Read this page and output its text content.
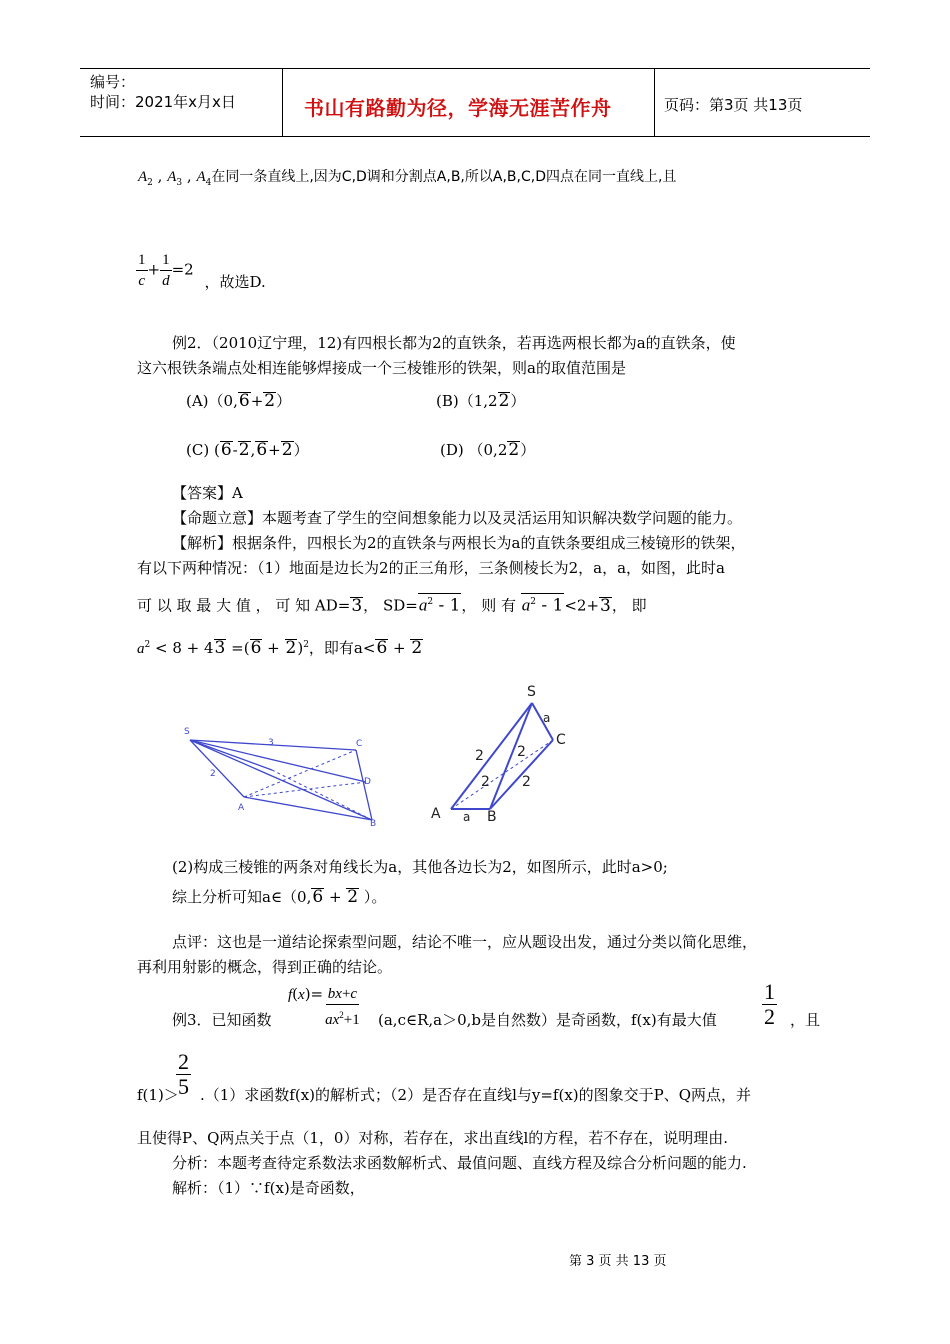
编号：
时间：2021年x月x日	书山有路勤为径，学海无涯苦作舟	页码：第3页 共13页
$A_2$ , $A_3$ , $A_4$在同一条直线上,因为C,D调和分割点A,B,所以A,B,C,D四点在同一直线上,且
$\frac{1}{c} + \frac{1}{d} =2$ ，故选D.
例2．（2010辽宁理，12)有四根长都为2的直铁条，若再选两根长都为a的直铁条，使
这六根铁条端点处相连能够焊接成一个三棱锥形的铁架，则a的取值范围是
(A)（0,6+2）	(B)（1,22）
(C) (6-2,6+2）	(D) （0,22）
【答案】A
【命题立意】本题考查了学生的空间想象能力以及灵活运用知识解决数学问题的能力。
【解析】根据条件，四根长为2的直铁条与两根长为a的直铁条要组成三棱镜形的铁架，
有以下两种情况：（1）地面是边长为2的正三角形，三条侧棱长为2，a，a，如图，此时a
可 以 取 最 大 值 ， 可 知 AD=3， $SD=a^2 - 1$， 则 有 $a^2 - 1<2+3$， 即
$a^2 < 8 + 43 =(6 + 2)^2$，即有a<6 + 2
S
3	C
2
D
A
B
S
a
C
2 2
2 2
A a B
(2)构成三棱锥的两条对角线长为a，其他各边长为2，如图所示，此时a>0;
综上分析可知a∈（0,6 + 2 ）。
点评：这也是一道结论探索型问题，结论不唯一，应从题设出发，通过分类以简化思维，
再利用射影的概念，得到正确的结论。
例3．已知函数
$f(x)= \frac{bx+c}{ax^2+1}$ (a,c∈R,a＞0,b是自然数）是奇函数，f(x)有最大值 $\frac{1}{2}$ ，且
$\frac{2}{5}$
f(1)＞ .（1）求函数f(x)的解析式；（2）是否存在直线l与y=f(x)的图象交于P、Q两点，并
且使得P、Q两点关于点（1，0）对称，若存在，求出直线l的方程，若不存在，说明理由.
分析：本题考查待定系数法求函数解析式、最值问题、直线方程及综合分析问题的能力.
解析：（1）∵f(x)是奇函数，
第 3 页 共 13 页
